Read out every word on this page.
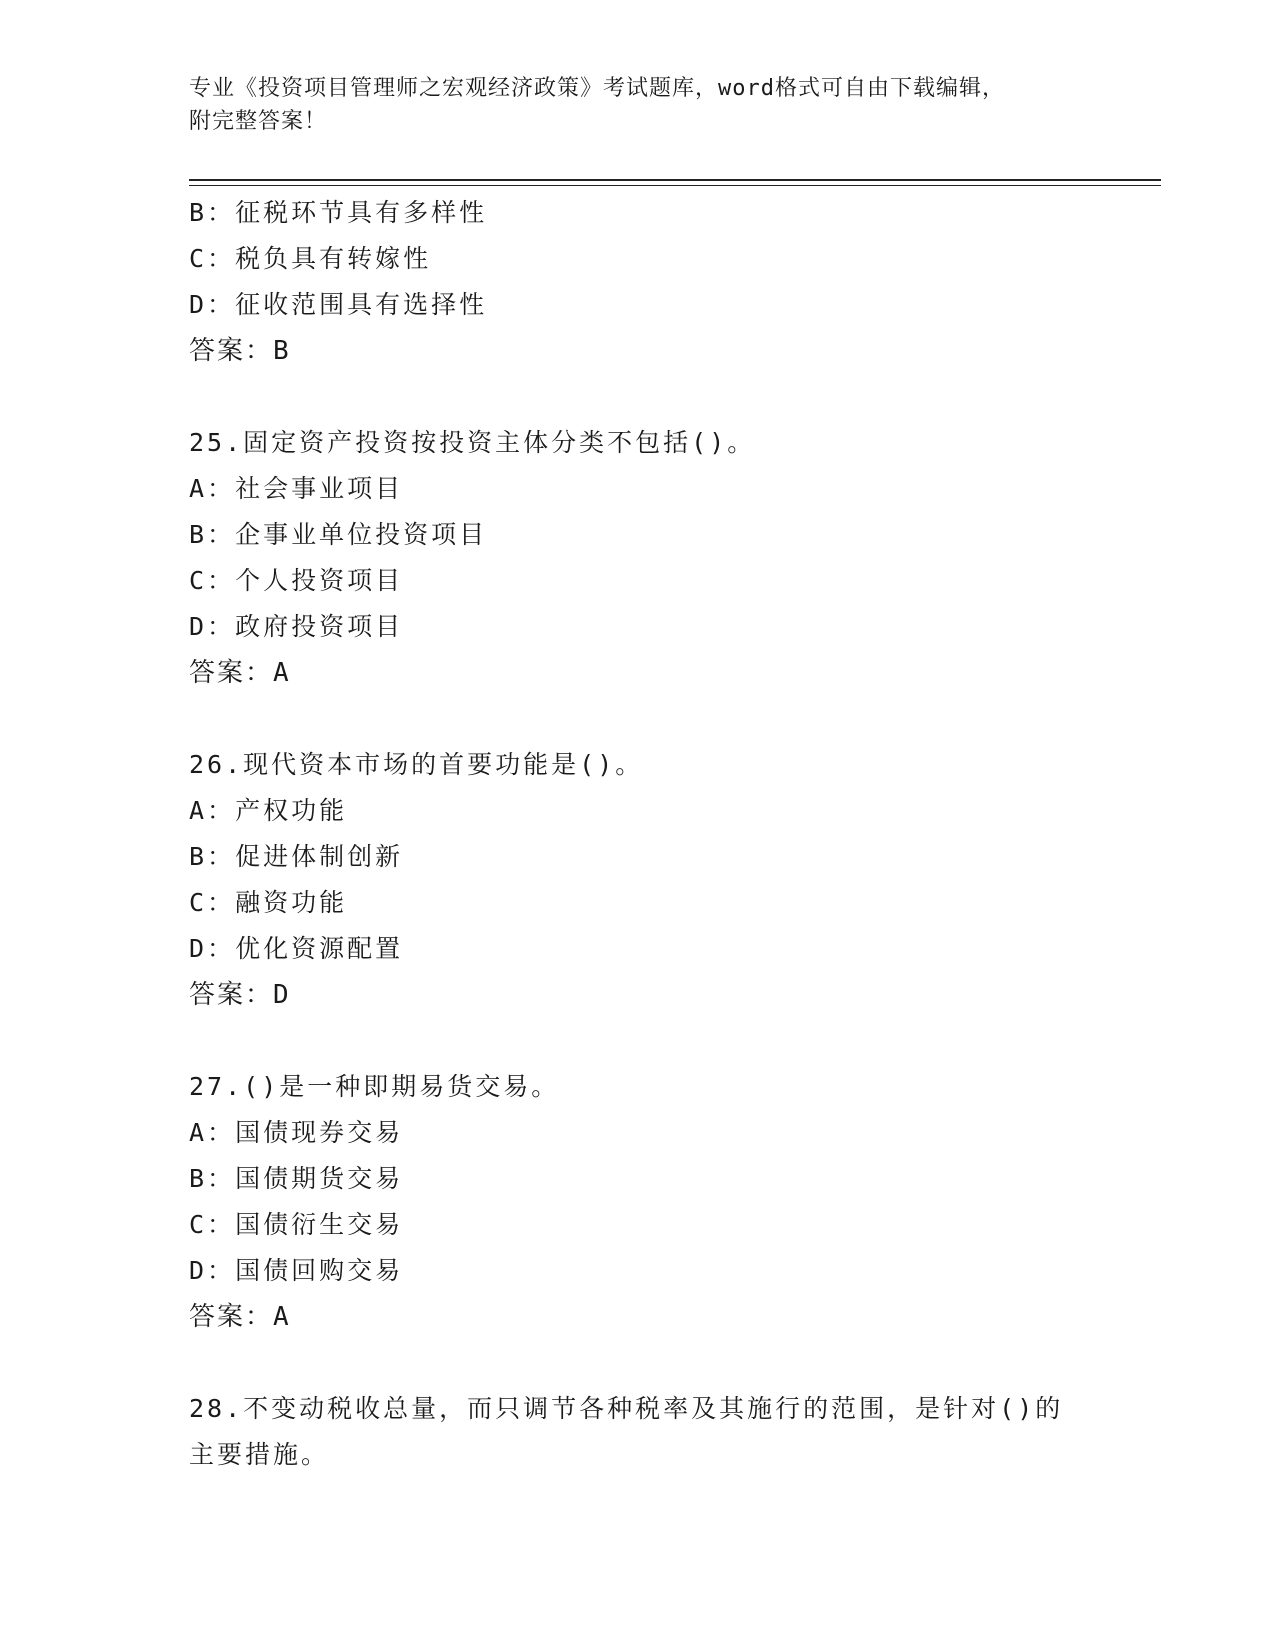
专业《投资项目管理师之宏观经济政策》考试题库，word格式可自由下载编辑，
附完整答案！
B：征税环节具有多样性
C：税负具有转嫁性
D：征收范围具有选择性
答案：B
25.固定资产投资按投资主体分类不包括()。
A：社会事业项目
B：企事业单位投资项目
C：个人投资项目
D：政府投资项目
答案：A
26.现代资本市场的首要功能是()。
A：产权功能
B：促进体制创新
C：融资功能
D：优化资源配置
答案：D
27.()是一种即期易货交易。
A：国债现券交易
B：国债期货交易
C：国债衍生交易
D：国债回购交易
答案：A
28.不变动税收总量，而只调节各种税率及其施行的范围，是针对()的
主要措施。
